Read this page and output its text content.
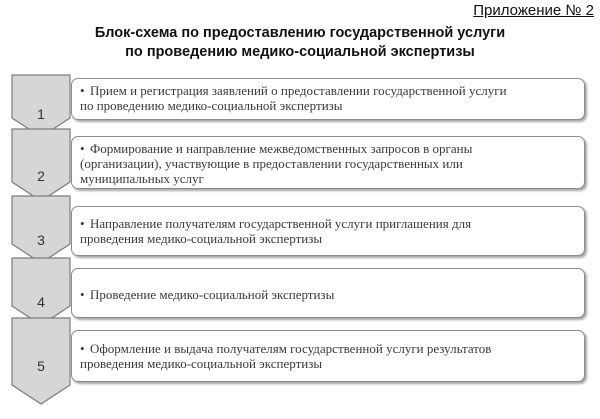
Приложение № 2
Блок-схема по предоставлению государственной услуги
по проведению медико-социальной экспертизы
1
• Прием и регистрация заявлений о предоставлении государственной услуги
по проведению медико-социальной экспертизы
2
• Формирование и направление межведомственных запросов в органы
(организации), участвующие в предоставлении государственных или
муниципальных услуг
3
• Направление получателям государственной услуги приглашения для
проведения медико-социальной экспертизы
4	• Проведение медико-социальной экспертизы
5
• Оформление и выдача получателям государственной услуги результатов
проведения медико-социальной экспертизы
